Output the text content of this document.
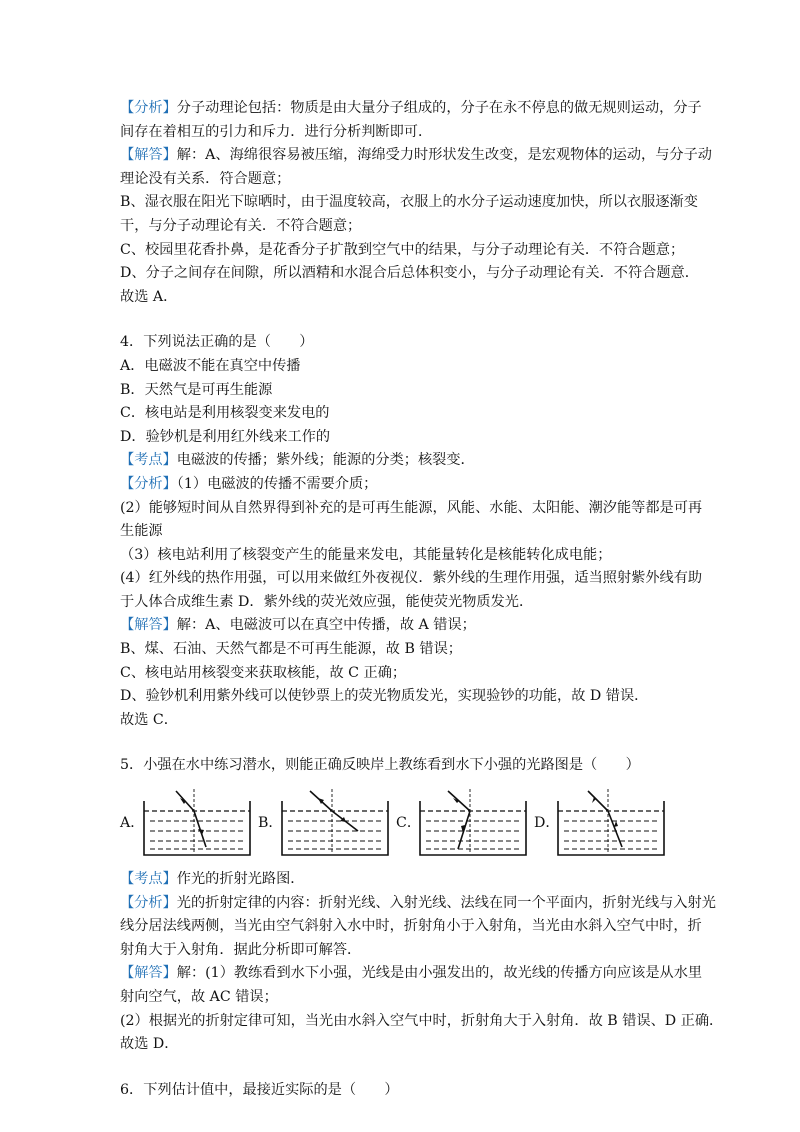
【分析】分子动理论包括：物质是由大量分子组成的，分子在永不停息的做无规则运动，分子
间存在着相互的引力和斥力．进行分析判断即可．
【解答】解：A、海绵很容易被压缩，海绵受力时形状发生改变，是宏观物体的运动，与分子动
理论没有关系．符合题意；
B、湿衣服在阳光下晾晒时，由于温度较高，衣服上的水分子运动速度加快，所以衣服逐渐变
干，与分子动理论有关．不符合题意；
C、校园里花香扑鼻，是花香分子扩散到空气中的结果，与分子动理论有关．不符合题意；
D、分子之间存在间隙，所以酒精和水混合后总体积变小，与分子动理论有关．不符合题意．
故选 A．
4．下列说法正确的是（　　）
A．电磁波不能在真空中传播
B．天然气是可再生能源
C．核电站是利用核裂变来发电的
D．验钞机是利用红外线来工作的
【考点】电磁波的传播；紫外线；能源的分类；核裂变．
【分析】（1）电磁波的传播不需要介质；
(2）能够短时间从自然界得到补充的是可再生能源，风能、水能、太阳能、潮汐能等都是可再
生能源
（3）核电站利用了核裂变产生的能量来发电，其能量转化是核能转化成电能；
(4）红外线的热作用强，可以用来做红外夜视仪．紫外线的生理作用强，适当照射紫外线有助
于人体合成维生素 D．紫外线的荧光效应强，能使荧光物质发光．
【解答】解：A、电磁波可以在真空中传播，故 A 错误；
B、煤、石油、天然气都是不可再生能源，故 B 错误；
C、核电站用核裂变来获取核能，故 C 正确；
D、验钞机利用紫外线可以使钞票上的荧光物质发光，实现验钞的功能，故 D 错误．
故选 C．
5．小强在水中练习潜水，则能正确反映岸上教练看到水下小强的光路图是（　　）
A．	B．	C．	D．
【考点】作光的折射光路图．
【分析】光的折射定律的内容：折射光线、入射光线、法线在同一个平面内，折射光线与入射光
线分居法线两侧，当光由空气斜射入水中时，折射角小于入射角，当光由水斜入空气中时，折
射角大于入射角．据此分析即可解答．
【解答】解：(1）教练看到水下小强，光线是由小强发出的，故光线的传播方向应该是从水里
射向空气，故 AC 错误；
(2）根据光的折射定律可知，当光由水斜入空气中时，折射角大于入射角．故 B 错误、D 正确．
故选 D．
6．下列估计值中，最接近实际的是（　　）
